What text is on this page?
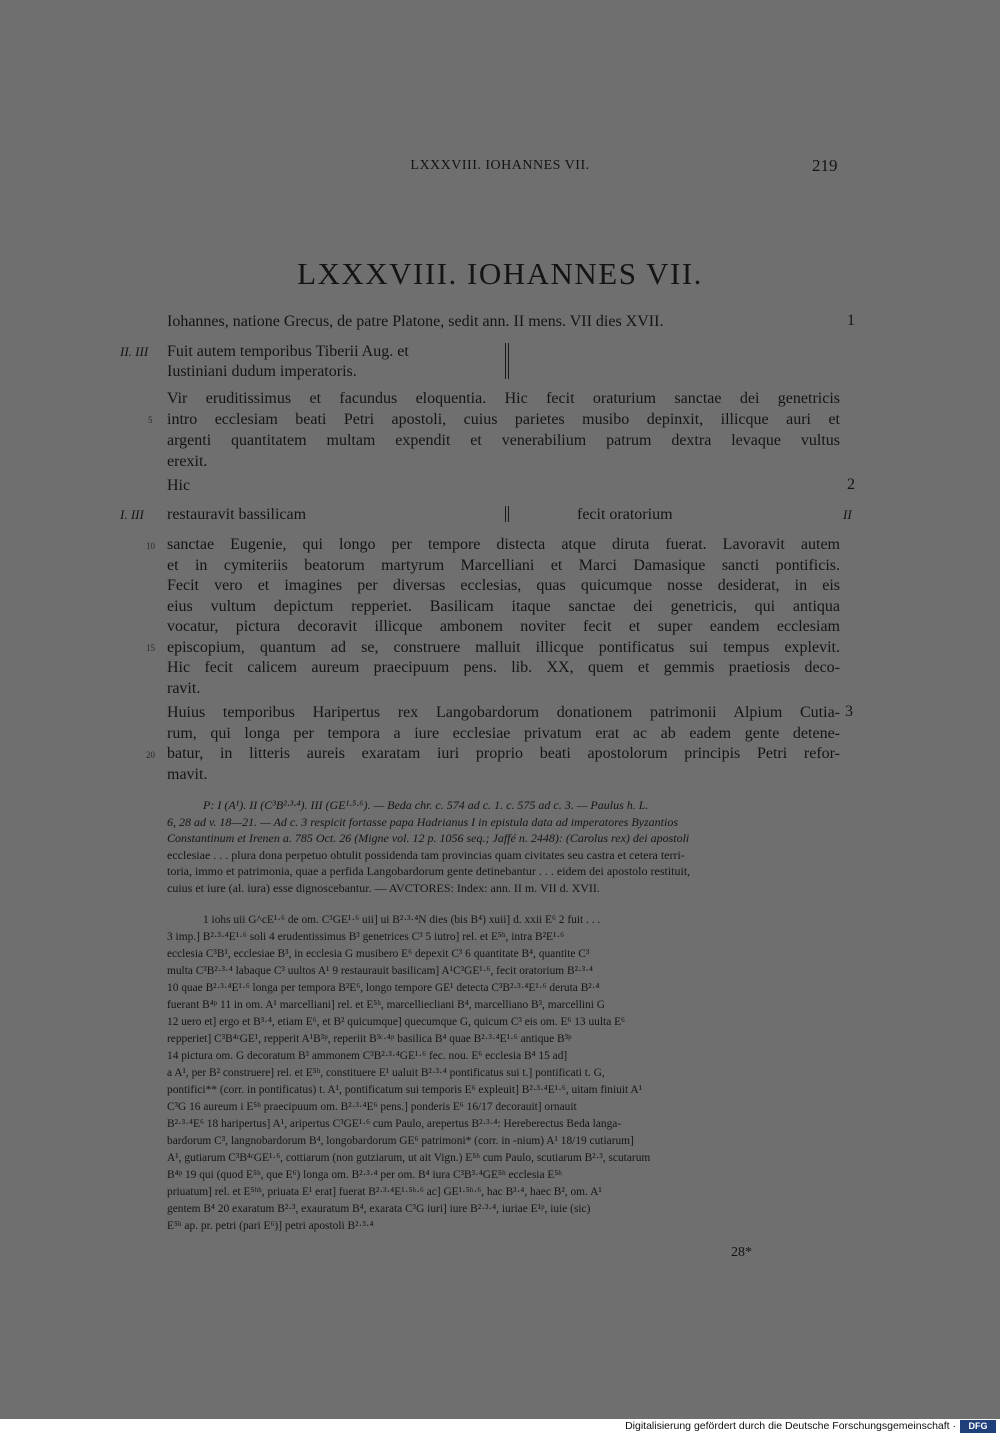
LXXXVIII. IOHANNES VII.	219
LXXXVIII. IOHANNES VII.
Iohannes, natione Grecus, de patre Platone, sedit ann. II mens. VII dies XVII.	1
II. III Fuit autem temporibus Tiberii Aug. et
Iustiniani dudum imperatoris.
Vir eruditissimus et facundus eloquentia. Hic fecit oraturium sanctae dei genetricis
5 intro ecclesiam beati Petri apostoli, cuius parietes musibo depinxit, illicque auri et
argenti quantitatem multam expendit et venerabilium patrum dextra levaque vultus
erexit.
Hic	2
I. III restauravit bassilicam	fecit oratorium	II
10 sanctae Eugenie, qui longo per tempore distecta atque diruta fuerat. Lavoravit autem
et in cymiteriis beatorum martyrum Marcelliani et Marci Damasique sancti pontificis.
Fecit vero et imagines per diversas ecclesias, quas quicumque nosse desiderat, in eis
eius vultum depictum repperiet. Basilicam itaque sanctae dei genetricis, qui antiqua
vocatur, pictura decoravit illicque ambonem noviter fecit et super eandem ecclesiam
15 episcopium, quantum ad se, construere malluit illicque pontificatus sui tempus explevit.
Hic fecit calicem aureum praecipuum pens. lib. XX, quem et gemmis praetiosis deco-
ravit.
Huius temporibus Haripertus rex Langobardorum donationem patrimonii Alpium Cutia- 3
rum, qui longa per tempora a iure ecclesiae privatum erat ac ab eadem gente detene-
20 batur, in litteris aureis exaratam iuri proprio beati apostolorum principis Petri refor-
mavit.
P: I (A¹). II (C³B²·³·⁴). III (GE¹·⁵·⁶). — Beda chr. c. 574 ad c. 1. c. 575 ad c. 3. — Paulus h. L.
6, 28 ad v. 18—21. — Ad c. 3 respicit fortasse papa Hadrianus I in epistula data ad imperatores Byzantios
Constantinum et Irenen a. 785 Oct. 26 (Migne vol. 12 p. 1056 seq.; Jaffé n. 2448): (Carolus rex) dei apostoli
ecclesiae . . . plura dona perpetuo obtulit possidenda tam provincias quam civitates seu castra et cetera terri-
toria, immo et patrimonia, quae a perfida Langobardorum gente detinebantur . . . eidem dei apostolo restituit,
cuius et iure (al. iura) esse dignoscebantur. — AVCTORES: Index: ann. II m. VII d. XVII.
1 iohs uii G^cE¹·⁶ de om. C³GE¹·⁶ uii] ui B²·³·⁴N dies (bis B⁴) xuii] d. xxii E⁶ 2 fuit . . .
3 imp.] B²·³·⁴E¹·⁶ soli 4 erudentissimus B³ genetrices C³ 5 iutro] rel. et E⁵ʰ, intra B²E¹·⁶
ecclesia C³B¹, ecclesiae B³, in ecclesia G musibero E⁶ depexit C³ 6 quantitate B⁴, quantite C³
multa C³B²·³·⁴ labaque C³ uultos A¹ 9 restaurauit basilicam] A¹C³GE¹·⁶, fecit oratorium B²·³·⁴
10 quae B²·³·⁴E¹·⁶ longa per tempora B²E⁶, longo tempore GE¹ detecta C³B²·³·⁴E¹·⁶ deruta B²·⁴
fuerant B⁴ᵖ 11 in om. A¹ marcelliani] rel. et E⁵ʰ, marcelliecliani B⁴, marcelliano B³, marcellini G
12 uero et] ergo et B³·⁴, etiam E⁶, et B² quicumque] quecumque G, quicum C³ eis om. E⁶ 13 uulta E⁶
repperiet] C³B⁴ᶜGE¹, repperit A¹B³ᵖ, reperiit B³ᶜ·⁴ᵖ basilica B⁴ quae B²·³·⁴E¹·⁶ antique B³ᵖ
14 pictura om. G decoratum B³ ammonem C³B²·³·⁴GE¹·⁶ fec. nou. E⁶ ecclesia B⁴ 15 ad]
a A¹, per B² construere] rel. et E⁵ʰ, constituere E¹ ualuit B²·³·⁴ pontificatus sui t.] pontificati t. G,
pontifici** (corr. in pontificatus) t. A¹, pontificatum sui temporis E⁶ expleuit] B²·³·⁴E¹·⁶, uitam finiuit A¹
C³G 16 aureum i E⁵ʰ praecipuum om. B²·³·⁴E⁶ pens.] ponderis E⁶ 16/17 decorauit] ornauit
B²·³·⁴E⁶ 18 haripertus] A¹, aripertus C³GE¹·⁶ cum Paulo, arepertus B²·³·⁴: Hereberectus Beda langa-
bardorum C³, langnobardorum B⁴, longobardorum GE⁶ patrimoni* (corr. in -nium) A¹ 18/19 cutiarum]
A¹, gutiarum C³B⁴ᶜGE¹·⁶, cottiarum (non gutziarum, ut ait Vign.) E⁵ʰ cum Paulo, scutiarum B²·³, scutarum
B⁴ᵖ 19 qui (quod E⁵ʰ, que E⁶) longa om. B²·³·⁴ per om. B⁴ iura C³B³·⁴GE⁵ʰ ecclesia E⁵ʰ
priuatum] rel. et E⁵ʰʰ, priuata E¹ erat] fuerat B²·³·⁴E¹·⁵ʰ·⁶ ac] GE¹·⁵ʰ·⁶, hac B³·⁴, haec B², om. A¹
gentem B⁴ 20 exaratum B²·³, exauratum B⁴, exarata C³G iuri] iure B²·³·⁴, iuriae E¹ᵖ, iuie (sic)
E⁵ʰ ap. pr. petri (pari E⁶)] petri apostoli B²·³·⁴
28*
Digitalisierung gefördert durch die Deutsche Forschungsgemeinschaft ·	DFG
